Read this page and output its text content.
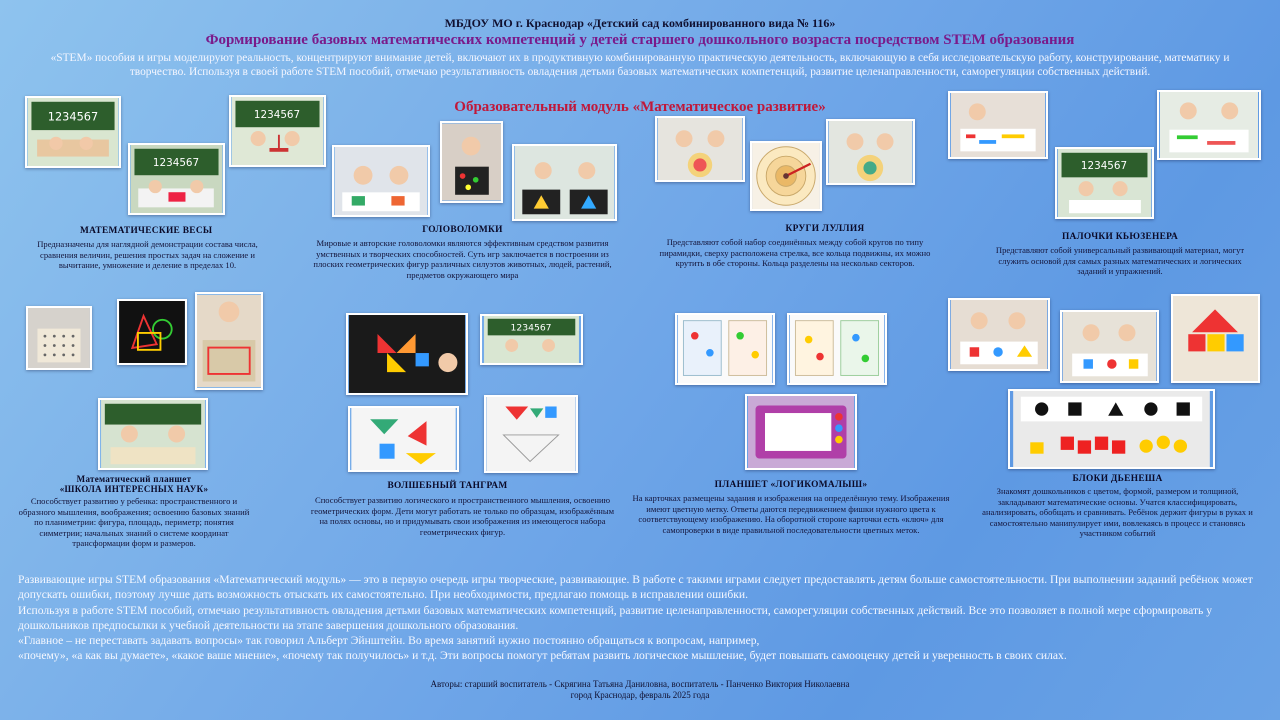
МБДОУ МО г. Краснодар «Детский сад комбинированного вида № 116»
Формирование базовых математических компетенций у детей старшего дошкольного возраста посредством STEM образования
«STEM» пособия и игры моделируют реальность, концентрируют внимание детей, включают их в продуктивную комбинированную практическую деятельность, включающую в себя исследовательскую работу, конструирование, математику и творчество. Используя в своей работе STEM пособий, отмечаю результативность овладения детьми базовых математических компетенций, развитие целенаправленности, саморегуляции собственных действий.
Образовательный модуль «Математическое развитие»
1234567
1234567
1234567
1234567
МАТЕМАТИЧЕСКИЕ ВЕСЫ
Предназначены для наглядной демонстрации состава числа, сравнения величин, решения простых задач на сложение и вычитание, умножение и деление в пределах 10.
ГОЛОВОЛОМКИ
Мировые и авторские головоломки являются эффективным средством развития умственных и творческих способностей. Суть игр заключается в построении из плоских геометрических фигур различных силуэтов животных, людей, растений, предметов окружающего мира
КРУГИ ЛУЛЛИЯ
Представляют собой набор соединённых между собой кругов по типу пирамидки, сверху расположена стрелка, все кольца подвижны, их можно крутить в обе стороны. Кольца разделены на несколько секторов.
ПАЛОЧКИ КЬЮЗЕНЕРА
Представляют собой универсальный развивающий материал, могут служить основой для самых разных математических и логических заданий и упражнений.
1234567
Математический планшет
«ШКОЛА ИНТЕРЕСНЫХ НАУК»
Способствует развитию у ребенка: пространственного и образного мышления, воображения; освоению базовых знаний по планиметрии: фигура, площадь, периметр; понятия симметрии; начальных знаний о системе координат трансформации форм и размеров.
ВОЛШЕБНЫЙ ТАНГРАМ
Способствует развитию логического и пространственного мышления, освоению геометрических форм. Дети могут работать не только по образцам, изображённым на полях основы, но и придумывать свои изображения из имеющегося набора геометрических фигур.
ПЛАНШЕТ «ЛОГИКОМАЛЫШ»
На карточках размещены задания и изображения на определённую тему. Изображения имеют цветную метку. Ответы даются передвижением фишки нужного цвета к соответствующему изображению. На оборотной стороне карточки есть «ключ» для самопроверки в виде правильной последовательности цветных меток.
БЛОКИ ДЬЕНЕША
Знакомят дошкольников с цветом, формой, размером и толщиной, закладывают математические основы. Учатся классифицировать, анализировать, обобщать и сравнивать. Ребёнок держит фигуры в руках и самостоятельно манипулирует ими, вовлекаясь в процесс и становясь участником событий
Развивающие игры STEM образования «Математический модуль» — это в первую очередь игры творческие, развивающие. В работе с такими играми следует предоставлять детям больше самостоятельности. При выполнении заданий ребёнок может допускать ошибки, поэтому лучше дать возможность отыскать их самостоятельно. При необходимости, предлагаю помощь в исправлении ошибки.
Используя в работе STEM пособий, отмечаю результативность овладения детьми базовых математических компетенций, развитие целенаправленности, саморегуляции собственных действий. Все это позволяет в полной мере сформировать у дошкольников предпосылки к учебной деятельности на этапе завершения дошкольного образования.
«Главное – не переставать задавать вопросы» так говорил Альберт Эйнштейн. Во время занятий нужно постоянно обращаться к вопросам, например,
«почему», «а как вы думаете», «какое ваше мнение», «почему так получилось» и т.д. Эти вопросы помогут ребятам развить логическое мышление, будет повышать самооценку детей и уверенность в своих силах.
Авторы: старший воспитатель - Скрягина Татьяна Даниловна, воспитатель - Панченко Виктория Николаевна
город Краснодар, февраль 2025 года
